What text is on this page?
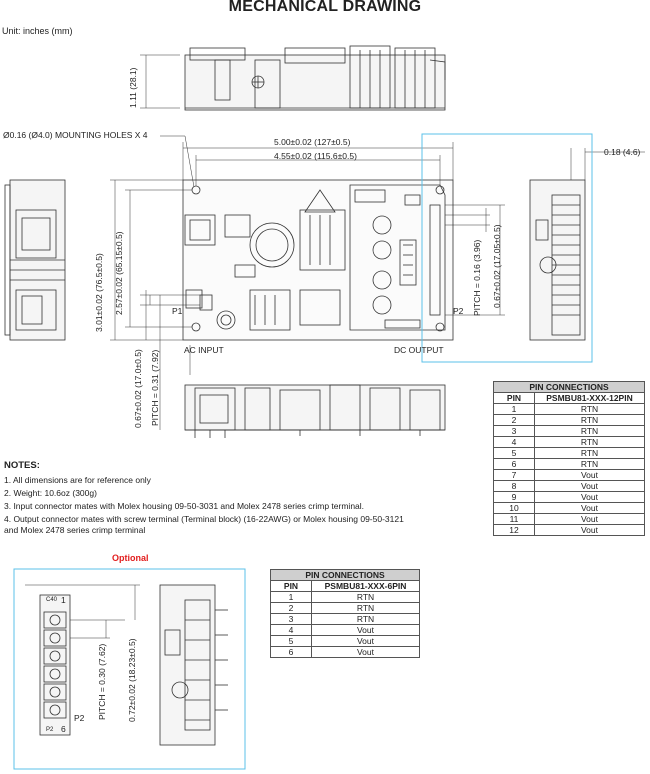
MECHANICAL DRAWING
Unit: inches (mm)
1.11 (28.1)
Ø0.16 (Ø4.0) MOUNTING HOLES X 4
5.00±0.02 (127±0.5)
4.55±0.02 (115.6±0.5)
3.01±0.02 (76.5±0.5) 2.57±0.02 (65.15±0.5)
0.18 (4.6)
PITCH = 0.16 (3.96) 0.67±0.02 (17.05±0.5)
P2
P1
AC INPUT	DC OUTPUT
0.67±0.02 (17.0±0.5) PITCH = 0.31 (7.92)
NOTES:
1. All dimensions are for reference only
2. Weight: 10.6oz (300g)
3. Input connector mates with Molex housing 09-50-3031 and Molex 2478 series crimp terminal.
4. Output connector mates with screw terminal (Terminal block) (16-22AWG) or Molex housing 09-50-3121
and Molex 2478 series crimp terminal
PIN CONNECTIONS	
PIN	PSMBU81-XXX-12PIN
1	RTN
2	RTN
3	RTN
4	RTN
5	RTN
6	RTN
7	Vout
8	Vout
9	Vout
10	Vout
11	Vout
12	Vout
Optional
C40 1
P2 6
P2 PITCH = 0.30 (7.62) 0.72±0.02 (18.23±0.5)
PIN CONNECTIONS	
PIN	PSMBU81-XXX-6PIN
1	RTN
2	RTN
3	RTN
4	Vout
5	Vout
6	Vout
